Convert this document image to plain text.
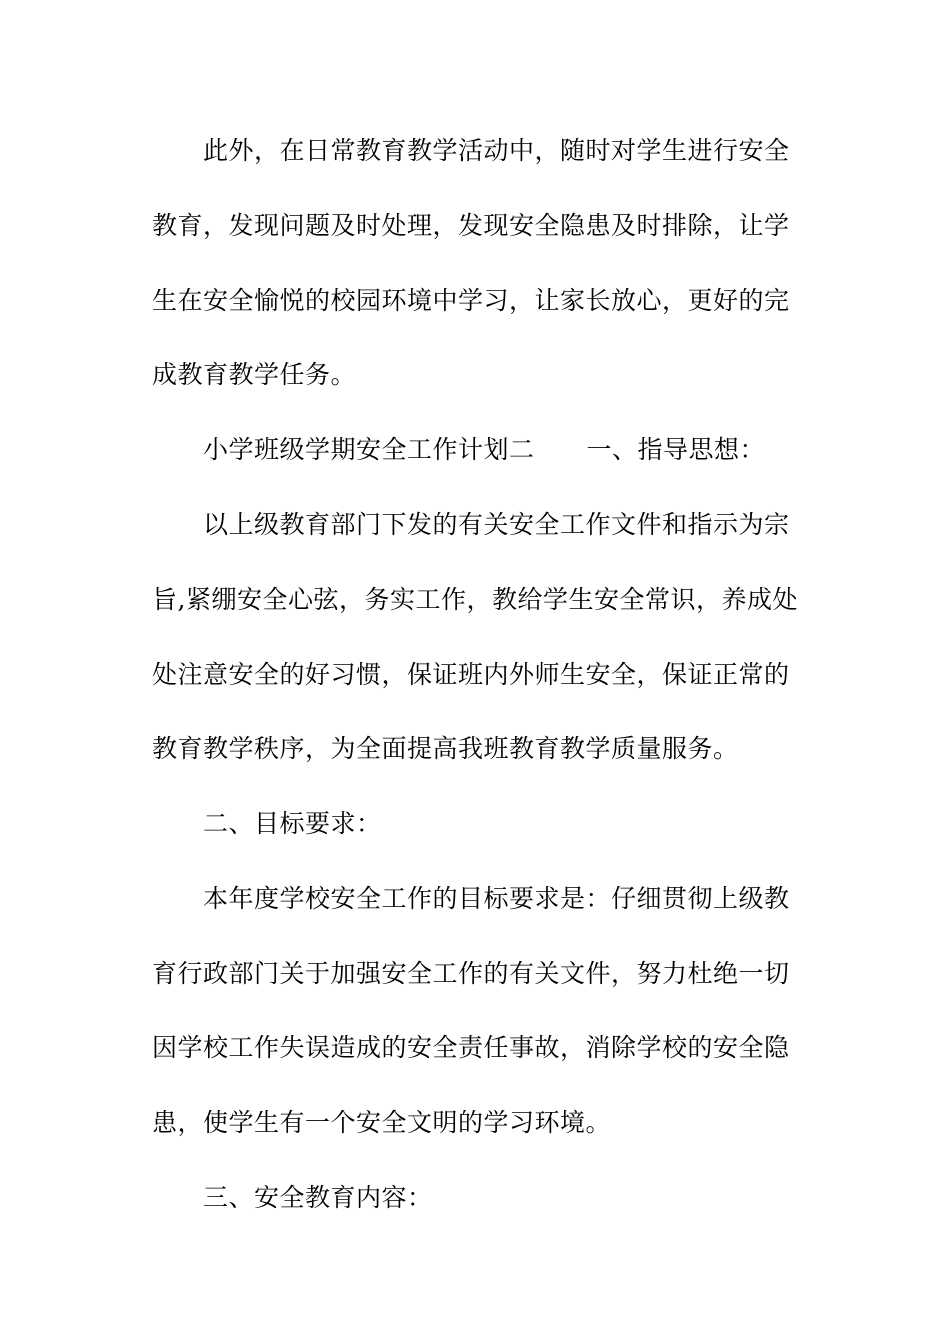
此外，在日常教育教学活动中，随时对学生进行安全
教育，发现问题及时处理，发现安全隐患及时排除，让学
生在安全愉悦的校园环境中学习，让家长放心，更好的完
成教育教学任务。
小学班级学期安全工作计划二 一、指导思想：
以上级教育部门下发的有关安全工作文件和指示为宗
旨,紧绷安全心弦，务实工作，教给学生安全常识，养成处
处注意安全的好习惯，保证班内外师生安全，保证正常的
教育教学秩序，为全面提高我班教育教学质量服务。
二、目标要求：
本年度学校安全工作的目标要求是：仔细贯彻上级教
育行政部门关于加强安全工作的有关文件，努力杜绝一切
因学校工作失误造成的安全责任事故，消除学校的安全隐
患，使学生有一个安全文明的学习环境。
三、安全教育内容：
